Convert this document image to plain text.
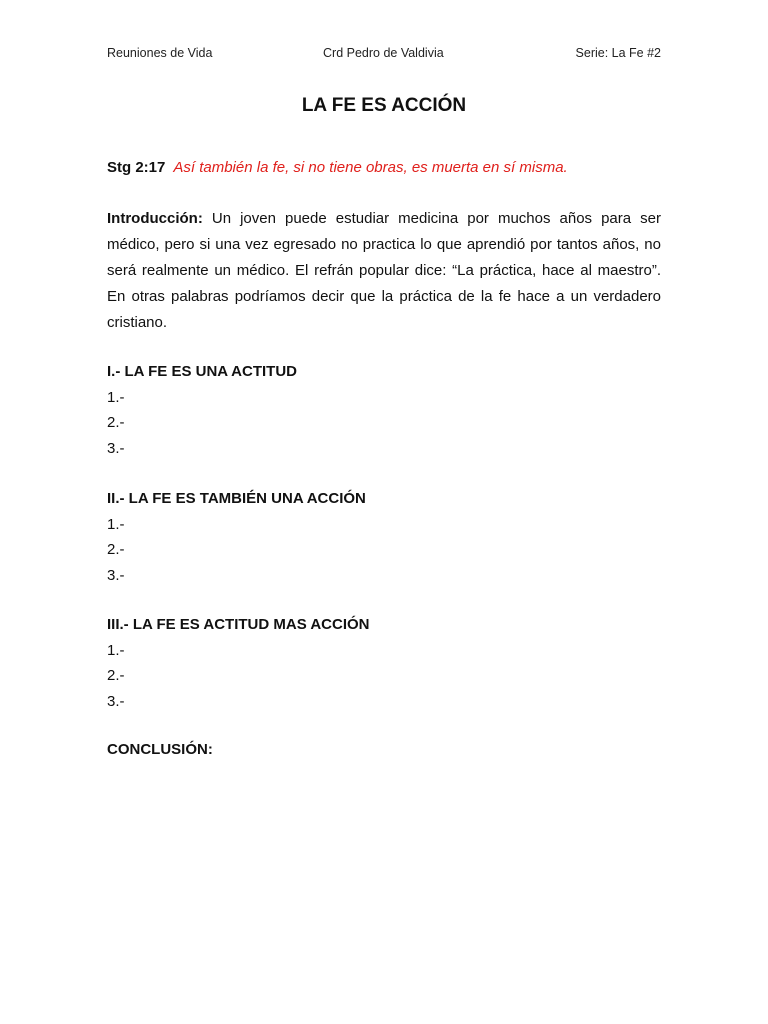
Reuniones de Vida	Crd Pedro de Valdivia	Serie: La Fe #2
LA FE ES ACCIÓN
Stg 2:17 Así también la fe, si no tiene obras, es muerta en sí misma.
Introducción: Un joven puede estudiar medicina por muchos años para ser médico, pero si una vez egresado no practica lo que aprendió por tantos años, no será realmente un médico. El refrán popular dice: “La práctica, hace al maestro”. En otras palabras podríamos decir que la práctica de la fe hace a un verdadero cristiano.
I.- LA FE ES UNA ACTITUD
1.-
2.-
3.-
II.- LA FE ES TAMBIÉN UNA ACCIÓN
1.-
2.-
3.-
III.- LA FE ES ACTITUD MAS ACCIÓN
1.-
2.-
3.-
CONCLUSIÓN:
